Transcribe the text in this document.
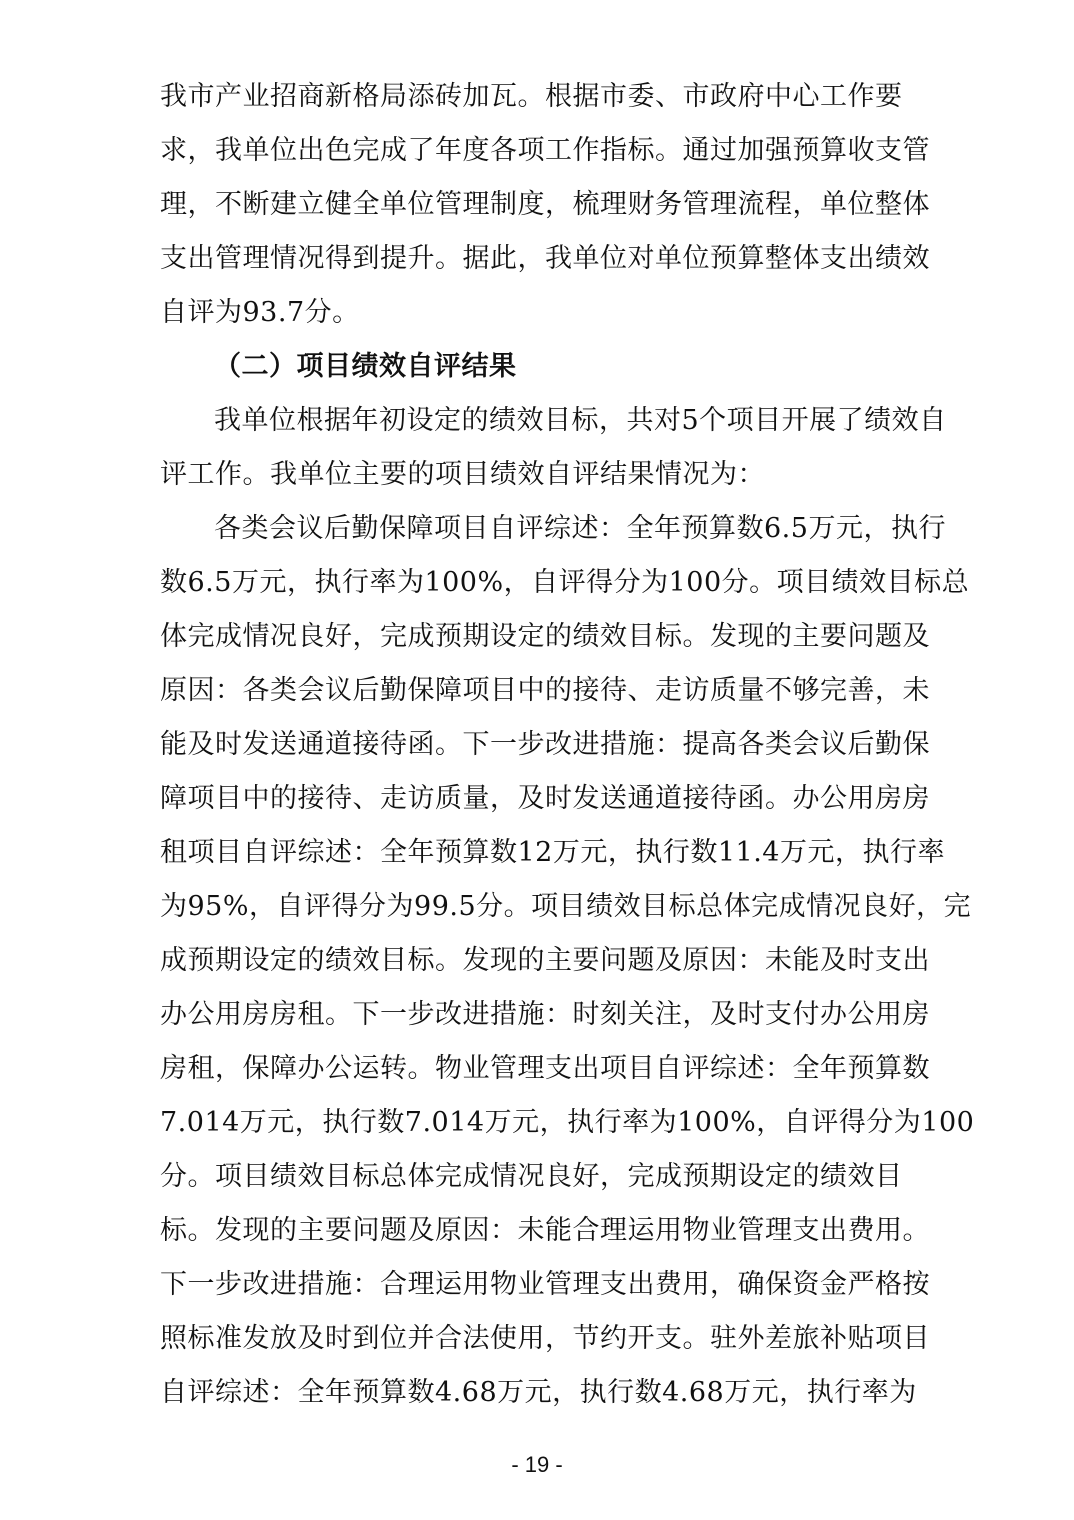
我市产业招商新格局添砖加瓦。根据市委、市政府中心工作要
求，我单位出色完成了年度各项工作指标。通过加强预算收支管
理，不断建立健全单位管理制度，梳理财务管理流程，单位整体
支出管理情况得到提升。据此，我单位对单位预算整体支出绩效
自评为93.7分。
（二）项目绩效自评结果
我单位根据年初设定的绩效目标，共对5个项目开展了绩效自
评工作。我单位主要的项目绩效自评结果情况为：
各类会议后勤保障项目自评综述：全年预算数6.5万元，执行
数6.5万元，执行率为100%，自评得分为100分。项目绩效目标总
体完成情况良好，完成预期设定的绩效目标。发现的主要问题及
原因：各类会议后勤保障项目中的接待、走访质量不够完善，未
能及时发送通道接待函。下一步改进措施：提高各类会议后勤保
障项目中的接待、走访质量，及时发送通道接待函。办公用房房
租项目自评综述：全年预算数12万元，执行数11.4万元，执行率
为95%，自评得分为99.5分。项目绩效目标总体完成情况良好，完
成预期设定的绩效目标。发现的主要问题及原因：未能及时支出
办公用房房租。下一步改进措施：时刻关注，及时支付办公用房
房租，保障办公运转。物业管理支出项目自评综述：全年预算数
7.014万元，执行数7.014万元，执行率为100%，自评得分为100
分。项目绩效目标总体完成情况良好，完成预期设定的绩效目
标。发现的主要问题及原因：未能合理运用物业管理支出费用。
下一步改进措施：合理运用物业管理支出费用，确保资金严格按
照标准发放及时到位并合法使用，节约开支。驻外差旅补贴项目
自评综述：全年预算数4.68万元，执行数4.68万元，执行率为
- 19 -
